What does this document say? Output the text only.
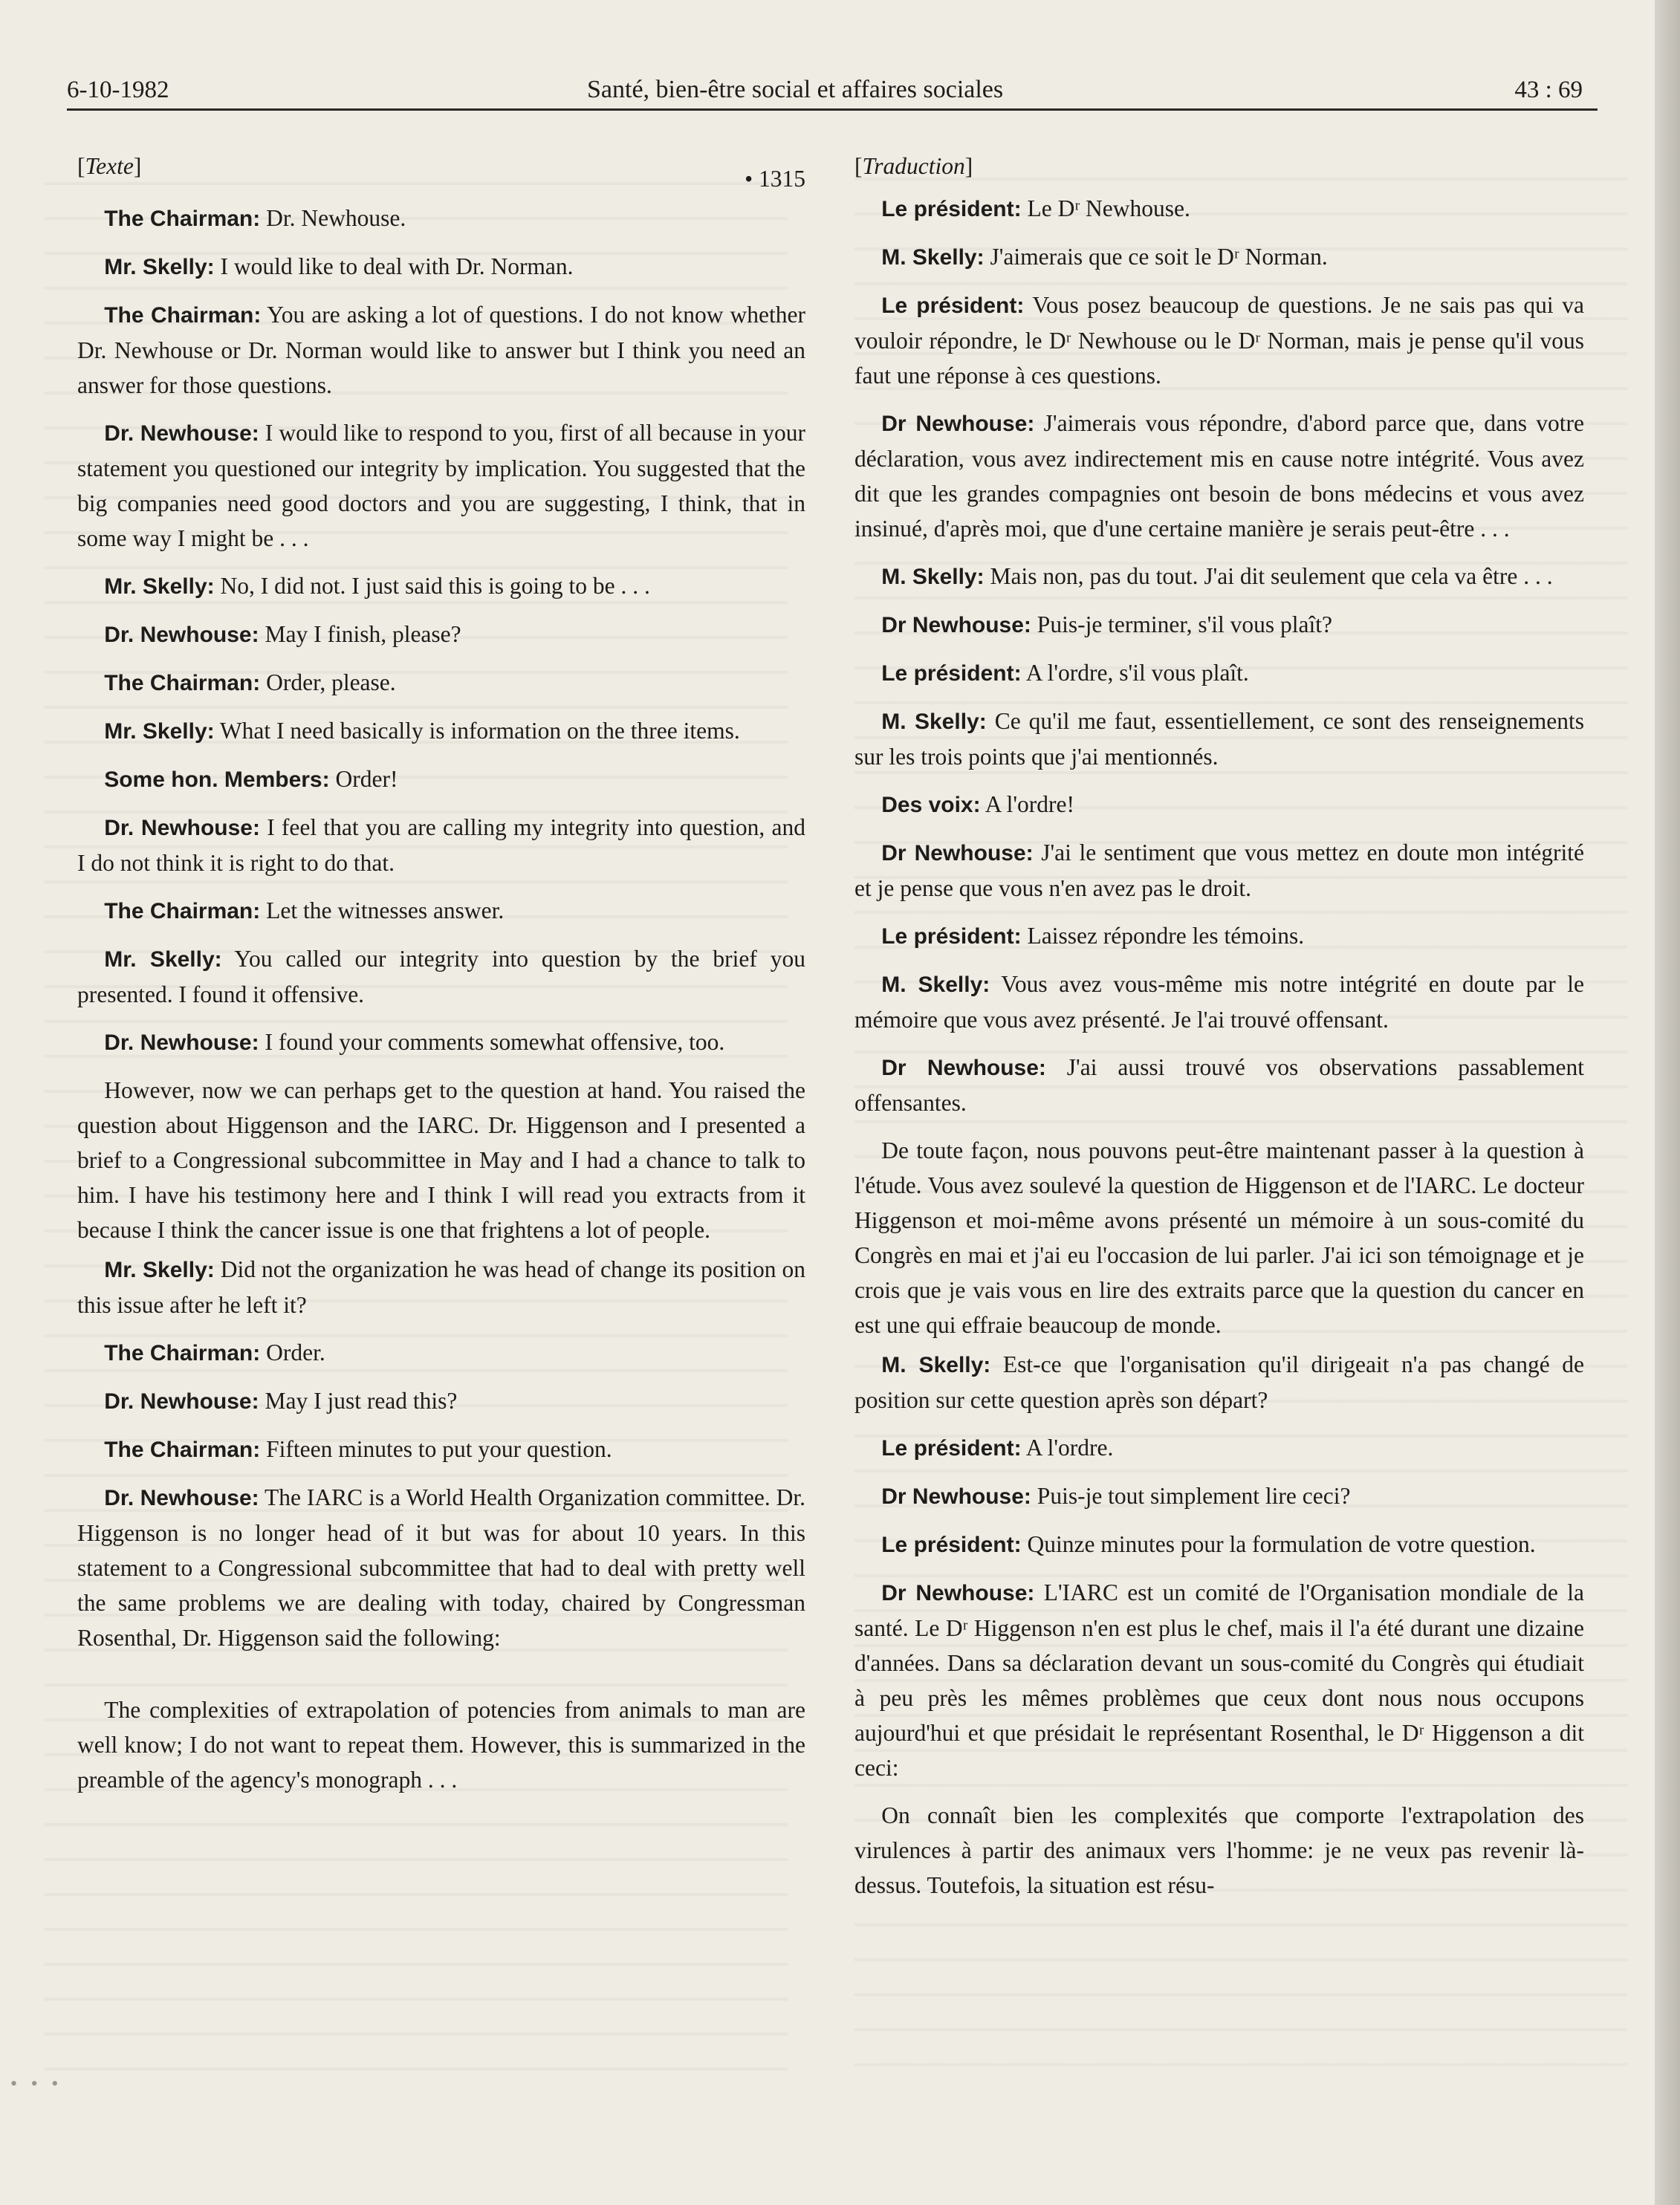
6-10-1982	Santé, bien-être social et affaires sociales	43 : 69

[Texte]	• 1315

The Chairman: Dr. Newhouse.

Mr. Skelly: I would like to deal with Dr. Norman.

The Chairman: You are asking a lot of questions. I do not know whether Dr. Newhouse or Dr. Norman would like to answer but I think you need an answer for those questions.

Dr. Newhouse: I would like to respond to you, first of all because in your statement you questioned our integrity by implication. You suggested that the big companies need good doctors and you are suggesting, I think, that in some way I might be . . .

Mr. Skelly: No, I did not. I just said this is going to be . . .

Dr. Newhouse: May I finish, please?

The Chairman: Order, please.

Mr. Skelly: What I need basically is information on the three items.

Some hon. Members: Order!

Dr. Newhouse: I feel that you are calling my integrity into question, and I do not think it is right to do that.

The Chairman: Let the witnesses answer.

Mr. Skelly: You called our integrity into question by the brief you presented. I found it offensive.

Dr. Newhouse: I found your comments somewhat offensive, too.

However, now we can perhaps get to the question at hand. You raised the question about Higgenson and the IARC. Dr. Higgenson and I presented a brief to a Congressional subcommittee in May and I had a chance to talk to him. I have his testimony here and I think I will read you extracts from it because I think the cancer issue is one that frightens a lot of people.

Mr. Skelly: Did not the organization he was head of change its position on this issue after he left it?

The Chairman: Order.

Dr. Newhouse: May I just read this?

The Chairman: Fifteen minutes to put your question.

Dr. Newhouse: The IARC is a World Health Organization committee. Dr. Higgenson is no longer head of it but was for about 10 years. In this statement to a Congressional subcommittee that had to deal with pretty well the same problems we are dealing with today, chaired by Congressman Rosenthal, Dr. Higgenson said the following:

The complexities of extrapolation of potencies from animals to man are well know; I do not want to repeat them. However, this is summarized in the preamble of the agency's monograph . . .

[Traduction]

Le président: Le Dʳ Newhouse.

M. Skelly: J'aimerais que ce soit le Dʳ Norman.

Le président: Vous posez beaucoup de questions. Je ne sais pas qui va vouloir répondre, le Dʳ Newhouse ou le Dʳ Norman, mais je pense qu'il vous faut une réponse à ces questions.

Dr Newhouse: J'aimerais vous répondre, d'abord parce que, dans votre déclaration, vous avez indirectement mis en cause notre intégrité. Vous avez dit que les grandes compagnies ont besoin de bons médecins et vous avez insinué, d'après moi, que d'une certaine manière je serais peut-être . . .

M. Skelly: Mais non, pas du tout. J'ai dit seulement que cela va être . . .

Dr Newhouse: Puis-je terminer, s'il vous plaît?

Le président: A l'ordre, s'il vous plaît.

M. Skelly: Ce qu'il me faut, essentiellement, ce sont des renseignements sur les trois points que j'ai mentionnés.

Des voix: A l'ordre!

Dr Newhouse: J'ai le sentiment que vous mettez en doute mon intégrité et je pense que vous n'en avez pas le droit.

Le président: Laissez répondre les témoins.

M. Skelly: Vous avez vous-même mis notre intégrité en doute par le mémoire que vous avez présenté. Je l'ai trouvé offensant.

Dr Newhouse: J'ai aussi trouvé vos observations passablement offensantes.

De toute façon, nous pouvons peut-être maintenant passer à la question à l'étude. Vous avez soulevé la question de Higgenson et de l'IARC. Le docteur Higgenson et moi-même avons présenté un mémoire à un sous-comité du Congrès en mai et j'ai eu l'occasion de lui parler. J'ai ici son témoignage et je crois que je vais vous en lire des extraits parce que la question du cancer en est une qui effraie beaucoup de monde.

M. Skelly: Est-ce que l'organisation qu'il dirigeait n'a pas changé de position sur cette question après son départ?

Le président: A l'ordre.

Dr Newhouse: Puis-je tout simplement lire ceci?

Le président: Quinze minutes pour la formulation de votre question.

Dr Newhouse: L'IARC est un comité de l'Organisation mondiale de la santé. Le Dʳ Higgenson n'en est plus le chef, mais il l'a été durant une dizaine d'années. Dans sa déclaration devant un sous-comité du Congrès qui étudiait à peu près les mêmes problèmes que ceux dont nous nous occupons aujourd'hui et que présidait le représentant Rosenthal, le Dʳ Higgenson a dit ceci:

On connaît bien les complexités que comporte l'extrapolation des virulences à partir des animaux vers l'homme: je ne veux pas revenir là-dessus. Toutefois, la situation est résu-

• • •
